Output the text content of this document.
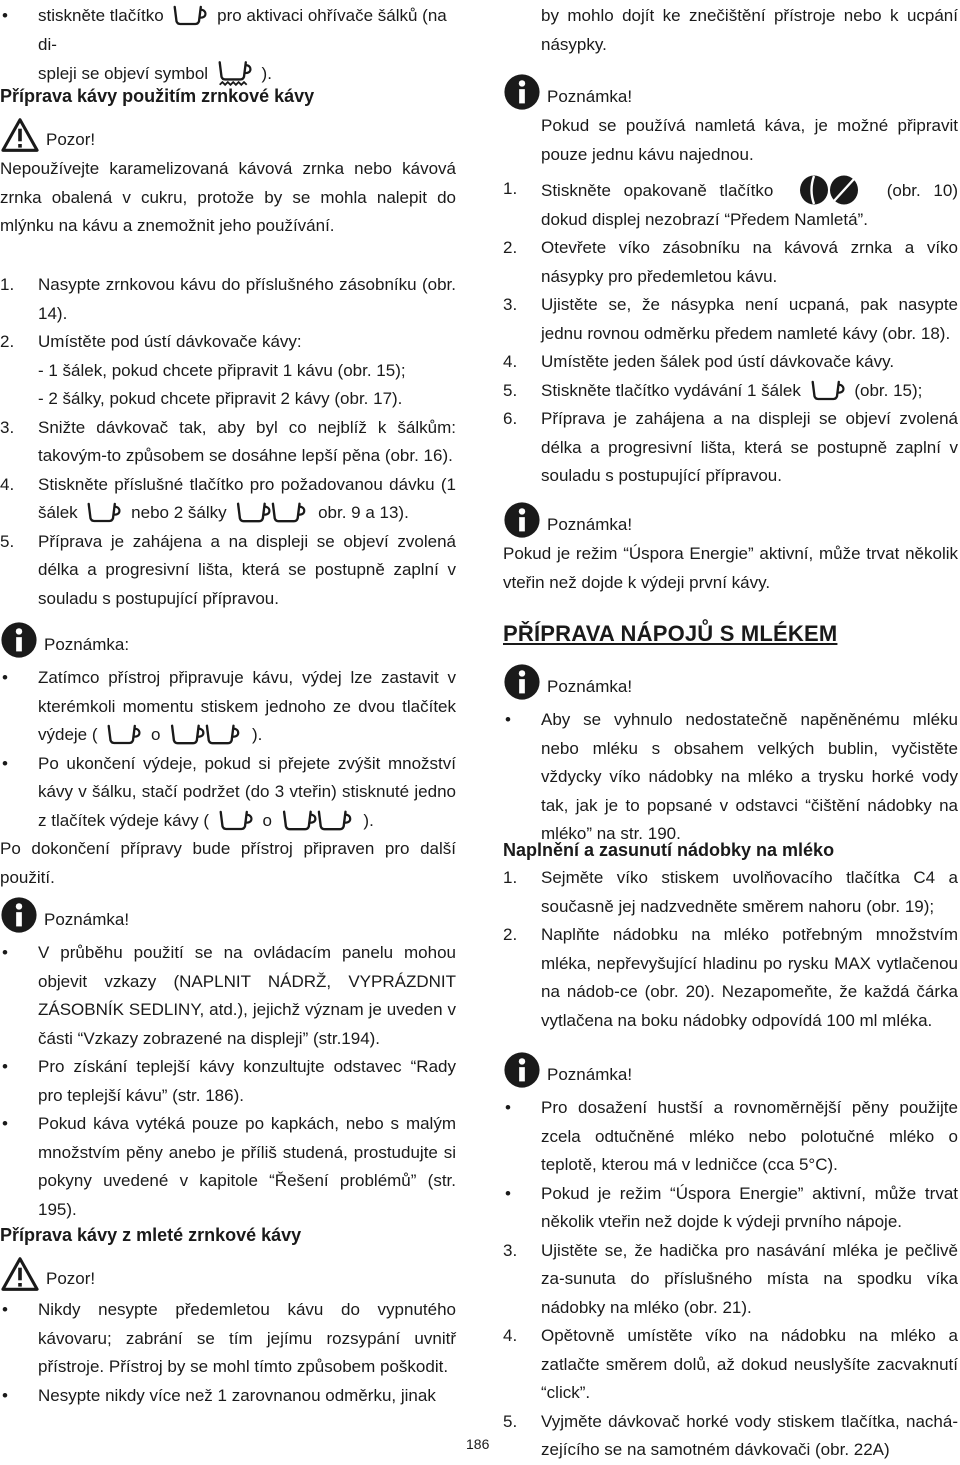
• stiskněte tlačítko	pro aktivaci ohřívače šálků (na di-

spleji se objeví symbol	).

Příprava kávy použitím zrnkové kávy

Pozor!

Nepoužívejte karamelizovaná kávová zrnka nebo kávová zrnka obalená v cukru, protože by se mohla nalepit do mlýnku na kávu a znemožnit jeho používání.

1. Nasypte zrnkovou kávu do příslušného zásobníku (obr. 14).

2. Umístěte pod ústí dávkovače kávy:

- 1 šálek, pokud chcete připravit 1 kávu (obr. 15);

- 2 šálky, pokud chcete připravit 2 kávy (obr. 17).

3. Snižte dávkovač tak, aby byl co nejblíž k šálkům: takovým-to způsobem se dosáhne lepší pěna (obr. 16).

4. Stiskněte příslušné tlačítko pro požadovanou dávku (1 šálek	nebo 2 šálky	obr. 9 a 13).

5. Příprava je zahájena a na displeji se objeví zvolená délka a progresivní lišta, která se postupně zaplní v souladu s postupující přípravou.

Poznámka:
• Zatímco přístroj připravuje kávu, výdej lze zastavit v kterémkoli momentu stiskem jednoho ze dvou tlačítek výdeje (	o	).

• Po ukončení výdeje, pokud si přejete zvýšit množství kávy v šálku, stačí podržet (do 3 vteřin) stisknuté jedno z tlačítek výdeje kávy (	o	).

Po dokončení přípravy bude přístroj připraven pro další použití.

Poznámka!
• V průběhu použití se na ovládacím panelu mohou objevit vzkazy (NAPLNIT NÁDRŽ, VYPRÁZDNIT ZÁSOBNÍK SEDLINY, atd.), jejichž význam je uveden v části “Vzkazy zobrazené na displeji” (str.194).

• Pro získání teplejší kávy konzultujte odstavec “Rady pro teplejší kávu” (str. 186).

• Pokud káva vytéká pouze po kapkách, nebo s malým množstvím pěny anebo je příliš studená, prostudujte si pokyny uvedené v kapitole “Řešení problémů” (str. 195).

Příprava kávy z mleté zrnkové kávy

Pozor!
• Nikdy nesypte předemletou kávu do vypnutého kávovaru; zabrání se tím jejímu rozsypání uvnitř přístroje. Přístroj by se mohl tímto způsobem poškodit.

• Nesypte nikdy více než 1 zarovnanou odměrku, jinak

by mohlo dojít ke znečištění přístroje nebo k ucpání násypky.

Poznámka!

Pokud se používá namletá káva, je možné připravit pouze jednu kávu najednou.

1. Stiskněte opakovaně tlačítko	(obr. 10) dokud displej nezobrazí “Předem Namletá”.

2. Otevřete víko zásobníku na kávová zrnka a víko násypky pro předemletou kávu.

3. Ujistěte se, že násypka není ucpaná, pak nasypte jednu rovnou odměrku předem namleté kávy (obr. 18).

4. Umístěte jeden šálek pod ústí dávkovače kávy.

5. Stiskněte tlačítko vydávání 1 šálek	(obr. 15);

6. Příprava je zahájena a na displeji se objeví zvolená délka a progresivní lišta, která se postupně zaplní v souladu s postupující přípravou.

Poznámka!

Pokud je režim “Úspora Energie” aktivní, může trvat několik vteřin než dojde k výdeji první kávy.

PŘÍPRAVA NÁPOJŮ S MLÉKEM

Poznámka!
• Aby se vyhnulo nedostatečně napěněnému mléku nebo mléku s obsahem velkých bublin, vyčistěte vždycky víko nádobky na mléko a trysku horké vody tak, jak je to popsané v odstavci “čištění nádobky na mléko” na str. 190.

Naplnění a zasunutí nádobky na mléko

1. Sejměte víko stiskem uvolňovacího tlačítka C4 a současně jej nadzvedněte směrem nahoru (obr. 19);

2. Naplňte nádobku na mléko potřebným množstvím mléka, nepřevyšující hladinu po rysku MAX vytlačenou na nádob-ce (obr. 20). Nezapomeňte, že každá čárka vytlačena na boku nádobky odpovídá 100 ml mléka.

Poznámka!
• Pro dosažení hustší a rovnoměrnější pěny použijte zcela odtučněné mléko nebo polotučné mléko o teplotě, kterou má v ledničce (cca 5°C).

• Pokud je režim “Úspora Energie” aktivní, může trvat několik vteřin než dojde k výdeji prvního nápoje.

3. Ujistěte se, že hadička pro nasávání mléka je pečlivě za-sunuta do příslušného místa na spodku víka nádobky na mléko (obr. 21).

4. Opětovně umístěte víko na nádobku na mléko a zatlačte směrem dolů, až dokud neuslyšíte zacvaknutí “click”.

5. Vyjměte dávkovač horké vody stiskem tlačítka, nachá-zejícího se na samotném dávkovači (obr. 22A)

186
